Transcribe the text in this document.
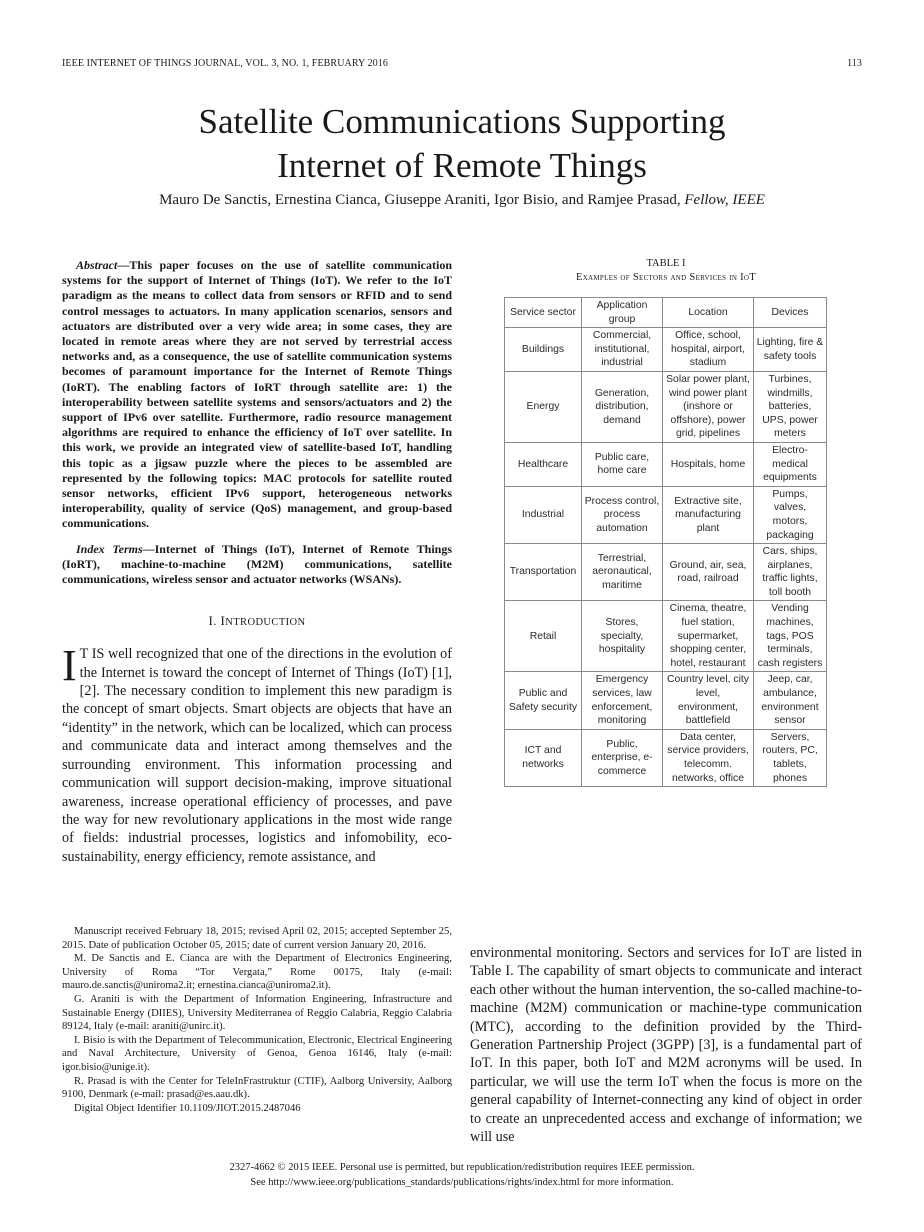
IEEE INTERNET OF THINGS JOURNAL, VOL. 3, NO. 1, FEBRUARY 2016	113
Satellite Communications Supporting
Internet of Remote Things
Mauro De Sanctis, Ernestina Cianca, Giuseppe Araniti, Igor Bisio, and Ramjee Prasad, Fellow, IEEE

Abstract—This paper focuses on the use of satellite communication systems for the support of Internet of Things (IoT). We refer to the IoT paradigm as the means to collect data from sensors or RFID and to send control messages to actuators. In many application scenarios, sensors and actuators are distributed over a very wide area; in some cases, they are located in remote areas where they are not served by terrestrial access networks and, as a consequence, the use of satellite communication systems becomes of paramount importance for the Internet of Remote Things (IoRT). The enabling factors of IoRT through satellite are: 1) the interoperability between satellite systems and sensors/actuators and 2) the support of IPv6 over satellite. Furthermore, radio resource management algorithms are required to enhance the efficiency of IoT over satellite. In this work, we provide an integrated view of satellite-based IoT, handling this topic as a jigsaw puzzle where the pieces to be assembled are represented by the following topics: MAC protocols for satellite routed sensor networks, efficient IPv6 support, heterogeneous networks interoperability, quality of service (QoS) management, and group-based communications.

Index Terms—Internet of Things (IoT), Internet of Remote Things (IoRT), machine-to-machine (M2M) communications, satellite communications, wireless sensor and actuator networks (WSANs).

I. INTRODUCTION

I T IS well recognized that one of the directions in the evolution of the Internet is toward the concept of Internet of Things (IoT) [1], [2]. The necessary condition to implement this new paradigm is the concept of smart objects. Smart objects are objects that have an “identity” in the network, which can be localized, which can process and communicate data and interact among themselves and the surrounding environment. This information processing and communication will support decision-making, improve situational awareness, increase operational efficiency of processes, and pave the way for new revolutionary applications in the most wide range of fields: industrial processes, logistics and infomobility, eco-sustainability, energy efficiency, remote assistance, and

Manuscript received February 18, 2015; revised April 02, 2015; accepted September 25, 2015. Date of publication October 05, 2015; date of current version January 20, 2016.

M. De Sanctis and E. Cianca are with the Department of Electronics Engineering, University of Roma “Tor Vergata,” Rome 00175, Italy (e-mail: mauro.de.sanctis@uniroma2.it; ernestina.cianca@uniroma2.it).

G. Araniti is with the Department of Information Engineering, Infrastructure and Sustainable Energy (DIIES), University Mediterranea of Reggio Calabria, Reggio Calabria 89124, Italy (e-mail: araniti@unirc.it).

I. Bisio is with the Department of Telecommunication, Electronic, Electrical Engineering and Naval Architecture, University of Genoa, Genoa 16146, Italy (e-mail: igor.bisio@unige.it).

R. Prasad is with the Center for TeleInFrastruktur (CTIF), Aalborg University, Aalborg 9100, Denmark (e-mail: prasad@es.aau.dk).

Digital Object Identifier 10.1109/JIOT.2015.2487046

TABLE I
Examples of Sectors and Services in IoT
Service sector	Application group	Location	Devices
Buildings	Commercial, institutional, industrial	Office, school, hospital, airport, stadium	Lighting, fire & safety tools
Energy	Generation, distribution, demand	Solar power plant, wind power plant (inshore or offshore), power grid, pipelines	Turbines, windmills, batteries, UPS, power meters
Healthcare	Public care, home care	Hospitals, home	Electro-medical equipments
Industrial	Process control, process automation	Extractive site, manufacturing plant	Pumps, valves, motors, packaging
Transportation	Terrestrial, aeronautical, maritime	Ground, air, sea, road, railroad	Cars, ships, airplanes, traffic lights, toll booth
Retail	Stores, specialty, hospitality	Cinema, theatre, fuel station, supermarket, shopping center, hotel, restaurant	Vending machines, tags, POS terminals, cash registers
Public and Safety security	Emergency services, law enforcement, monitoring	Country level, city level, environment, battlefield	Jeep, car, ambulance, environment sensor
ICT and networks	Public, enterprise, e-commerce	Data center, service providers, telecomm. networks, office	Servers, routers, PC, tablets, phones

environmental monitoring. Sectors and services for IoT are listed in Table I. The capability of smart objects to communicate and interact each other without the human intervention, the so-called machine-to-machine (M2M) communication or machine-type communication (MTC), according to the definition provided by the Third-Generation Partnership Project (3GPP) [3], is a fundamental part of IoT. In this paper, both IoT and M2M acronyms will be used. In particular, we will use the term IoT when the focus is more on the general capability of Internet-connecting any kind of object in order to create an unprecedented access and exchange of information; we will use

2327-4662 © 2015 IEEE. Personal use is permitted, but republication/redistribution requires IEEE permission.
See http://www.ieee.org/publications_standards/publications/rights/index.html for more information.
